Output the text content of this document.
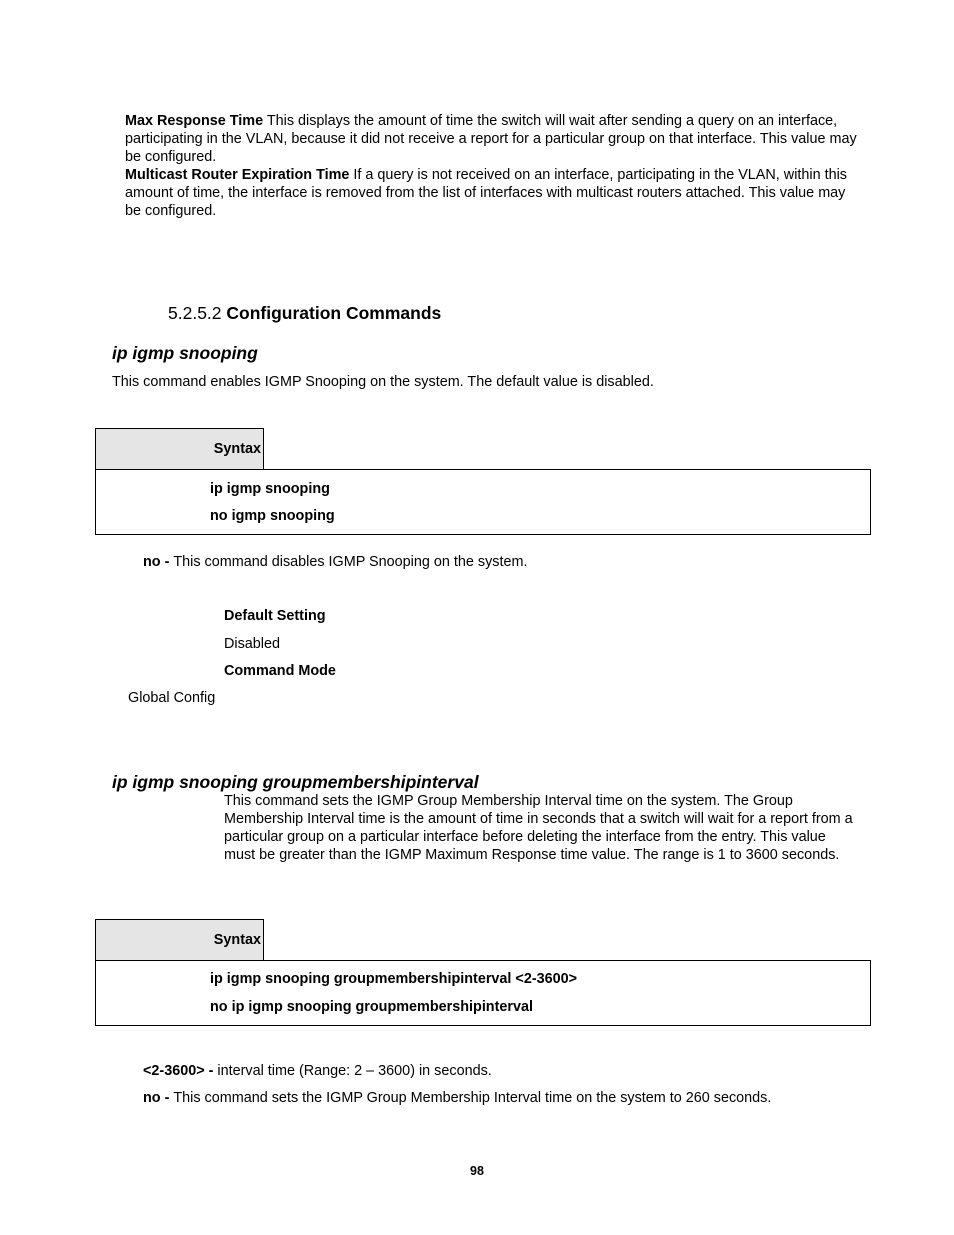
Max Response Time This displays the amount of time the switch will wait after sending a query on an interface, participating in the VLAN, because it did not receive a report for a particular group on that interface. This value may be configured.
Multicast Router Expiration Time If a query is not received on an interface, participating in the VLAN, within this amount of time, the interface is removed from the list of interfaces with multicast routers attached. This value may be configured.
5.2.5.2 Configuration Commands
ip igmp snooping
This command enables IGMP Snooping on the system. The default value is disabled.
Syntax
ip igmp snooping
no igmp snooping
no - This command disables IGMP Snooping on the system.
Default Setting
Disabled
Command Mode
Global Config
ip igmp snooping groupmembershipinterval
This command sets the IGMP Group Membership Interval time on the system. The Group Membership Interval time is the amount of time in seconds that a switch will wait for a report from a particular group on a particular interface before deleting the interface from the entry. This value must be greater than the IGMP Maximum Response time value. The range is 1 to 3600 seconds.
Syntax
ip igmp snooping groupmembershipinterval <2-3600>
no ip igmp snooping groupmembershipinterval
<2-3600> - interval time (Range: 2 – 3600) in seconds.
no - This command sets the IGMP Group Membership Interval time on the system to 260 seconds.
98
